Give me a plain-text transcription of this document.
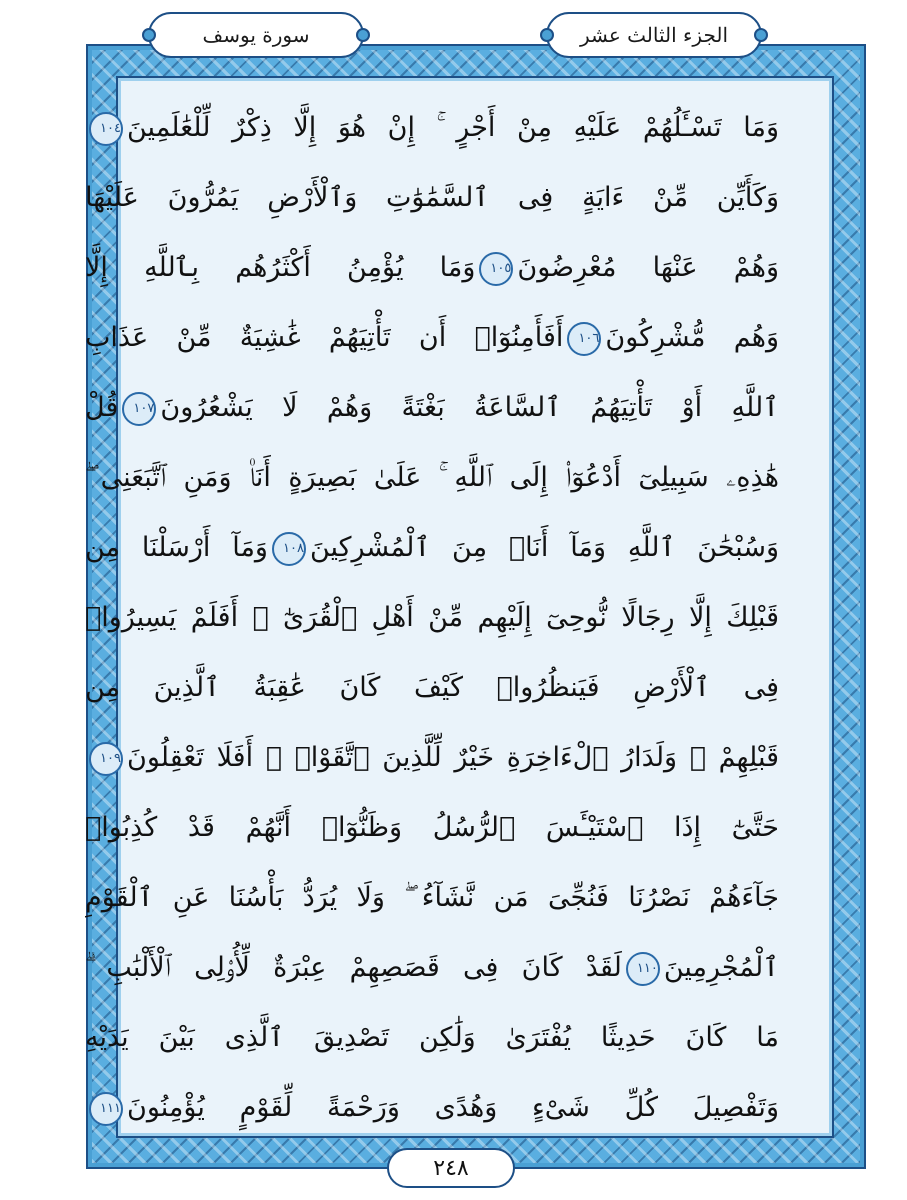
سورة يوسف	الجزء الثالث عشر
وَمَا تَسْـَٔلُهُمْ عَلَيْهِ مِنْ أَجْرٍ ۚ إِنْ هُوَ إِلَّا ذِكْرٌ لِّلْعَٰلَمِينَ١٠٤
وَكَأَيِّن مِّنْ ءَايَةٍ فِى ٱلسَّمَٰوَٰتِ وَٱلْأَرْضِ يَمُرُّونَ عَلَيْهَا
وَهُمْ عَنْهَا مُعْرِضُونَ١٠٥وَمَا يُؤْمِنُ أَكْثَرُهُم بِٱللَّهِ إِلَّا
وَهُم مُّشْرِكُونَ١٠٦أَفَأَمِنُوٓا۟ أَن تَأْتِيَهُمْ غَٰشِيَةٌ مِّنْ عَذَابِ
ٱللَّهِ أَوْ تَأْتِيَهُمُ ٱلسَّاعَةُ بَغْتَةً وَهُمْ لَا يَشْعُرُونَ١٠٧قُلْ
هَٰذِهِۦ سَبِيلِىٓ أَدْعُوٓا۟ إِلَى ٱللَّهِ ۚ عَلَىٰ بَصِيرَةٍ أَنَا۠ وَمَنِ ٱتَّبَعَنِى ۖ
وَسُبْحَٰنَ ٱللَّهِ وَمَآ أَنَا۠ مِنَ ٱلْمُشْرِكِينَ١٠٨وَمَآ أَرْسَلْنَا مِن
قَبْلِكَ إِلَّا رِجَالًا نُّوحِىٓ إِلَيْهِم مِّنْ أَهْلِ ٱلْقُرَىٰٓ ۗ أَفَلَمْ يَسِيرُوا۟
فِى ٱلْأَرْضِ فَيَنظُرُوا۟ كَيْفَ كَانَ عَٰقِبَةُ ٱلَّذِينَ مِن
قَبْلِهِمْ ۗ وَلَدَارُ ٱلْءَاخِرَةِ خَيْرٌ لِّلَّذِينَ ٱتَّقَوْا۟ ۚ أَفَلَا تَعْقِلُونَ١٠٩
حَتَّىٰٓ إِذَا ٱسْتَيْـَٔسَ ٱلرُّسُلُ وَظَنُّوٓا۟ أَنَّهُمْ قَدْ كُذِبُوا۟
جَآءَهُمْ نَصْرُنَا فَنُجِّىَ مَن نَّشَآءُ ۖ وَلَا يُرَدُّ بَأْسُنَا عَنِ ٱلْقَوْمِ
ٱلْمُجْرِمِينَ١١٠لَقَدْ كَانَ فِى قَصَصِهِمْ عِبْرَةٌ لِّأُو۟لِى ٱلْأَلْبَٰبِ ۗ
مَا كَانَ حَدِيثًا يُفْتَرَىٰ وَلَٰكِن تَصْدِيقَ ٱلَّذِى بَيْنَ يَدَيْهِ
وَتَفْصِيلَ كُلِّ شَىْءٍ وَهُدًى وَرَحْمَةً لِّقَوْمٍ يُؤْمِنُونَ١١١
٢٤٨
